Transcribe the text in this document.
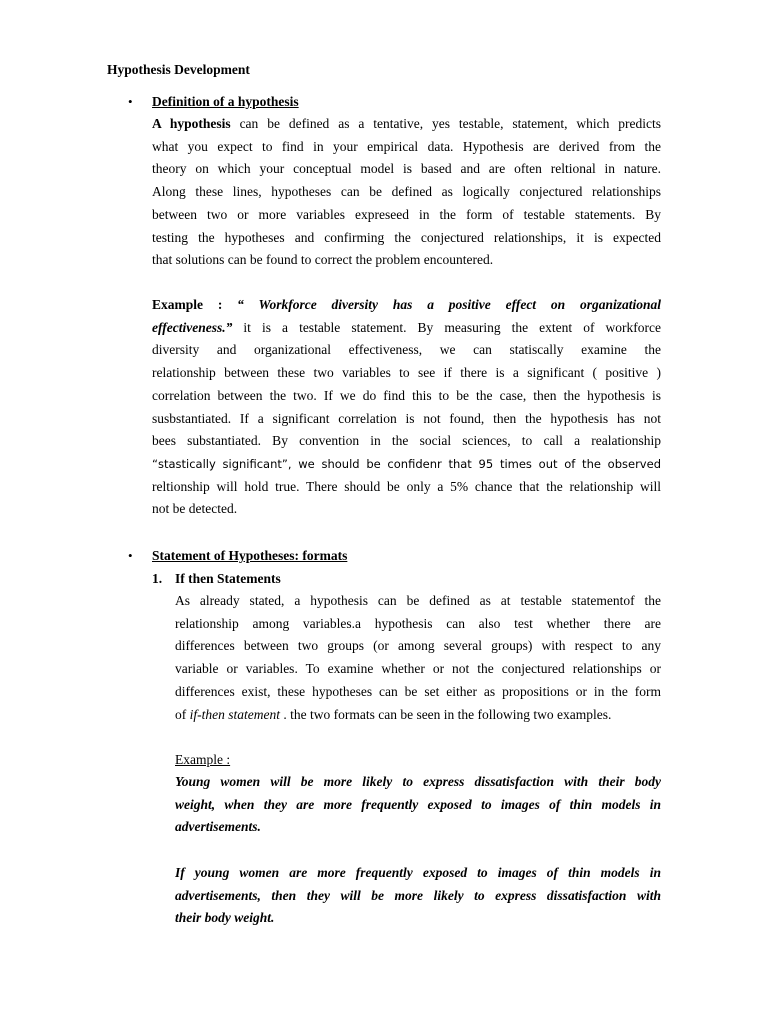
Hypothesis Development
• Definition of a hypothesis
A hypothesis can be defined as a tentative, yes testable, statement, which predicts
what you expect to find in your empirical data. Hypothesis are derived from the
theory on which your conceptual model is based and are often reltional in nature.
Along these lines, hypotheses can be defined as logically conjectured relationships
between two or more variables expreseed in the form of testable statements. By
testing the hypotheses and confirming the conjectured relationships, it is expected
that solutions can be found to correct the problem encountered.
Example : “ Workforce diversity has a positive effect on organizational
effectiveness.” it is a testable statement. By measuring the extent of workforce
diversity and organizational effectiveness, we can statiscally examine the
relationship between these two variables to see if there is a significant ( positive )
correlation between the two. If we do find this to be the case, then the hypothesis is
susbstantiated. If a significant correlation is not found, then the hypothesis has not
bees substantiated. By convention in the social sciences, to call a realationship
“stastically significant”, we should be confidenr that 95 times out of the observed
reltionship will hold true. There should be only a 5% chance that the relationship will
not be detected.
• Statement of Hypotheses: formats
1. If then Statements
As already stated, a hypothesis can be defined as at testable statementof the
relationship among variables.a hypothesis can also test whether there are
differences between two groups (or among several groups) with respect to any
variable or variables. To examine whether or not the conjectured relationships or
differences exist, these hypotheses can be set either as propositions or in the form
of if-then statement . the two formats can be seen in the following two examples.
Example :
Young women will be more likely to express dissatisfaction with their body
weight, when they are more frequently exposed to images of thin models in
advertisements.
If young women are more frequently exposed to images of thin models in
advertisements, then they will be more likely to express dissatisfaction with
their body weight.
